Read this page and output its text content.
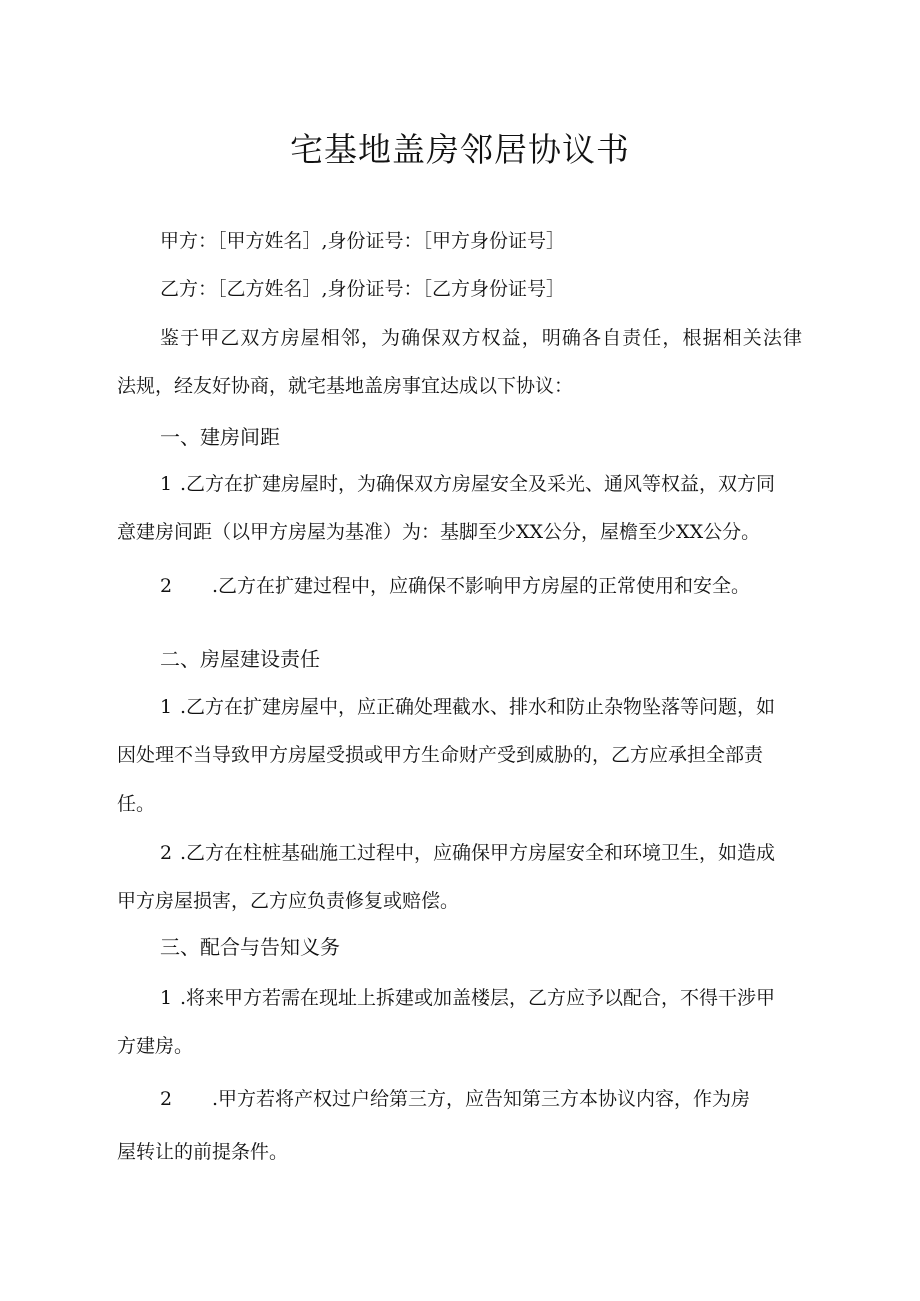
宅基地盖房邻居协议书

甲方：［甲方姓名］,身份证号：［甲方身份证号］

乙方：［乙方姓名］,身份证号：［乙方身份证号］

鉴于甲乙双方房屋相邻，为确保双方权益，明确各自责任，根据相关法律

法规，经友好协商，就宅基地盖房事宜达成以下协议：

一、建房间距

1 .乙方在扩建房屋时，为确保双方房屋安全及采光、通风等权益，双方同

意建房间距（以甲方房屋为基准）为：基脚至少XX公分，屋檐至少XX公分。

2 .乙方在扩建过程中，应确保不影响甲方房屋的正常使用和安全。

二、房屋建设责任

1 .乙方在扩建房屋中，应正确处理截水、排水和防止杂物坠落等问题，如

因处理不当导致甲方房屋受损或甲方生命财产受到威胁的，乙方应承担全部责

任。

2 .乙方在柱桩基础施工过程中，应确保甲方房屋安全和环境卫生，如造成

甲方房屋损害，乙方应负责修复或赔偿。

三、配合与告知义务

1 .将来甲方若需在现址上拆建或加盖楼层，乙方应予以配合，不得干涉甲

方建房。

2 .甲方若将产权过户给第三方，应告知第三方本协议内容，作为房

屋转让的前提条件。
